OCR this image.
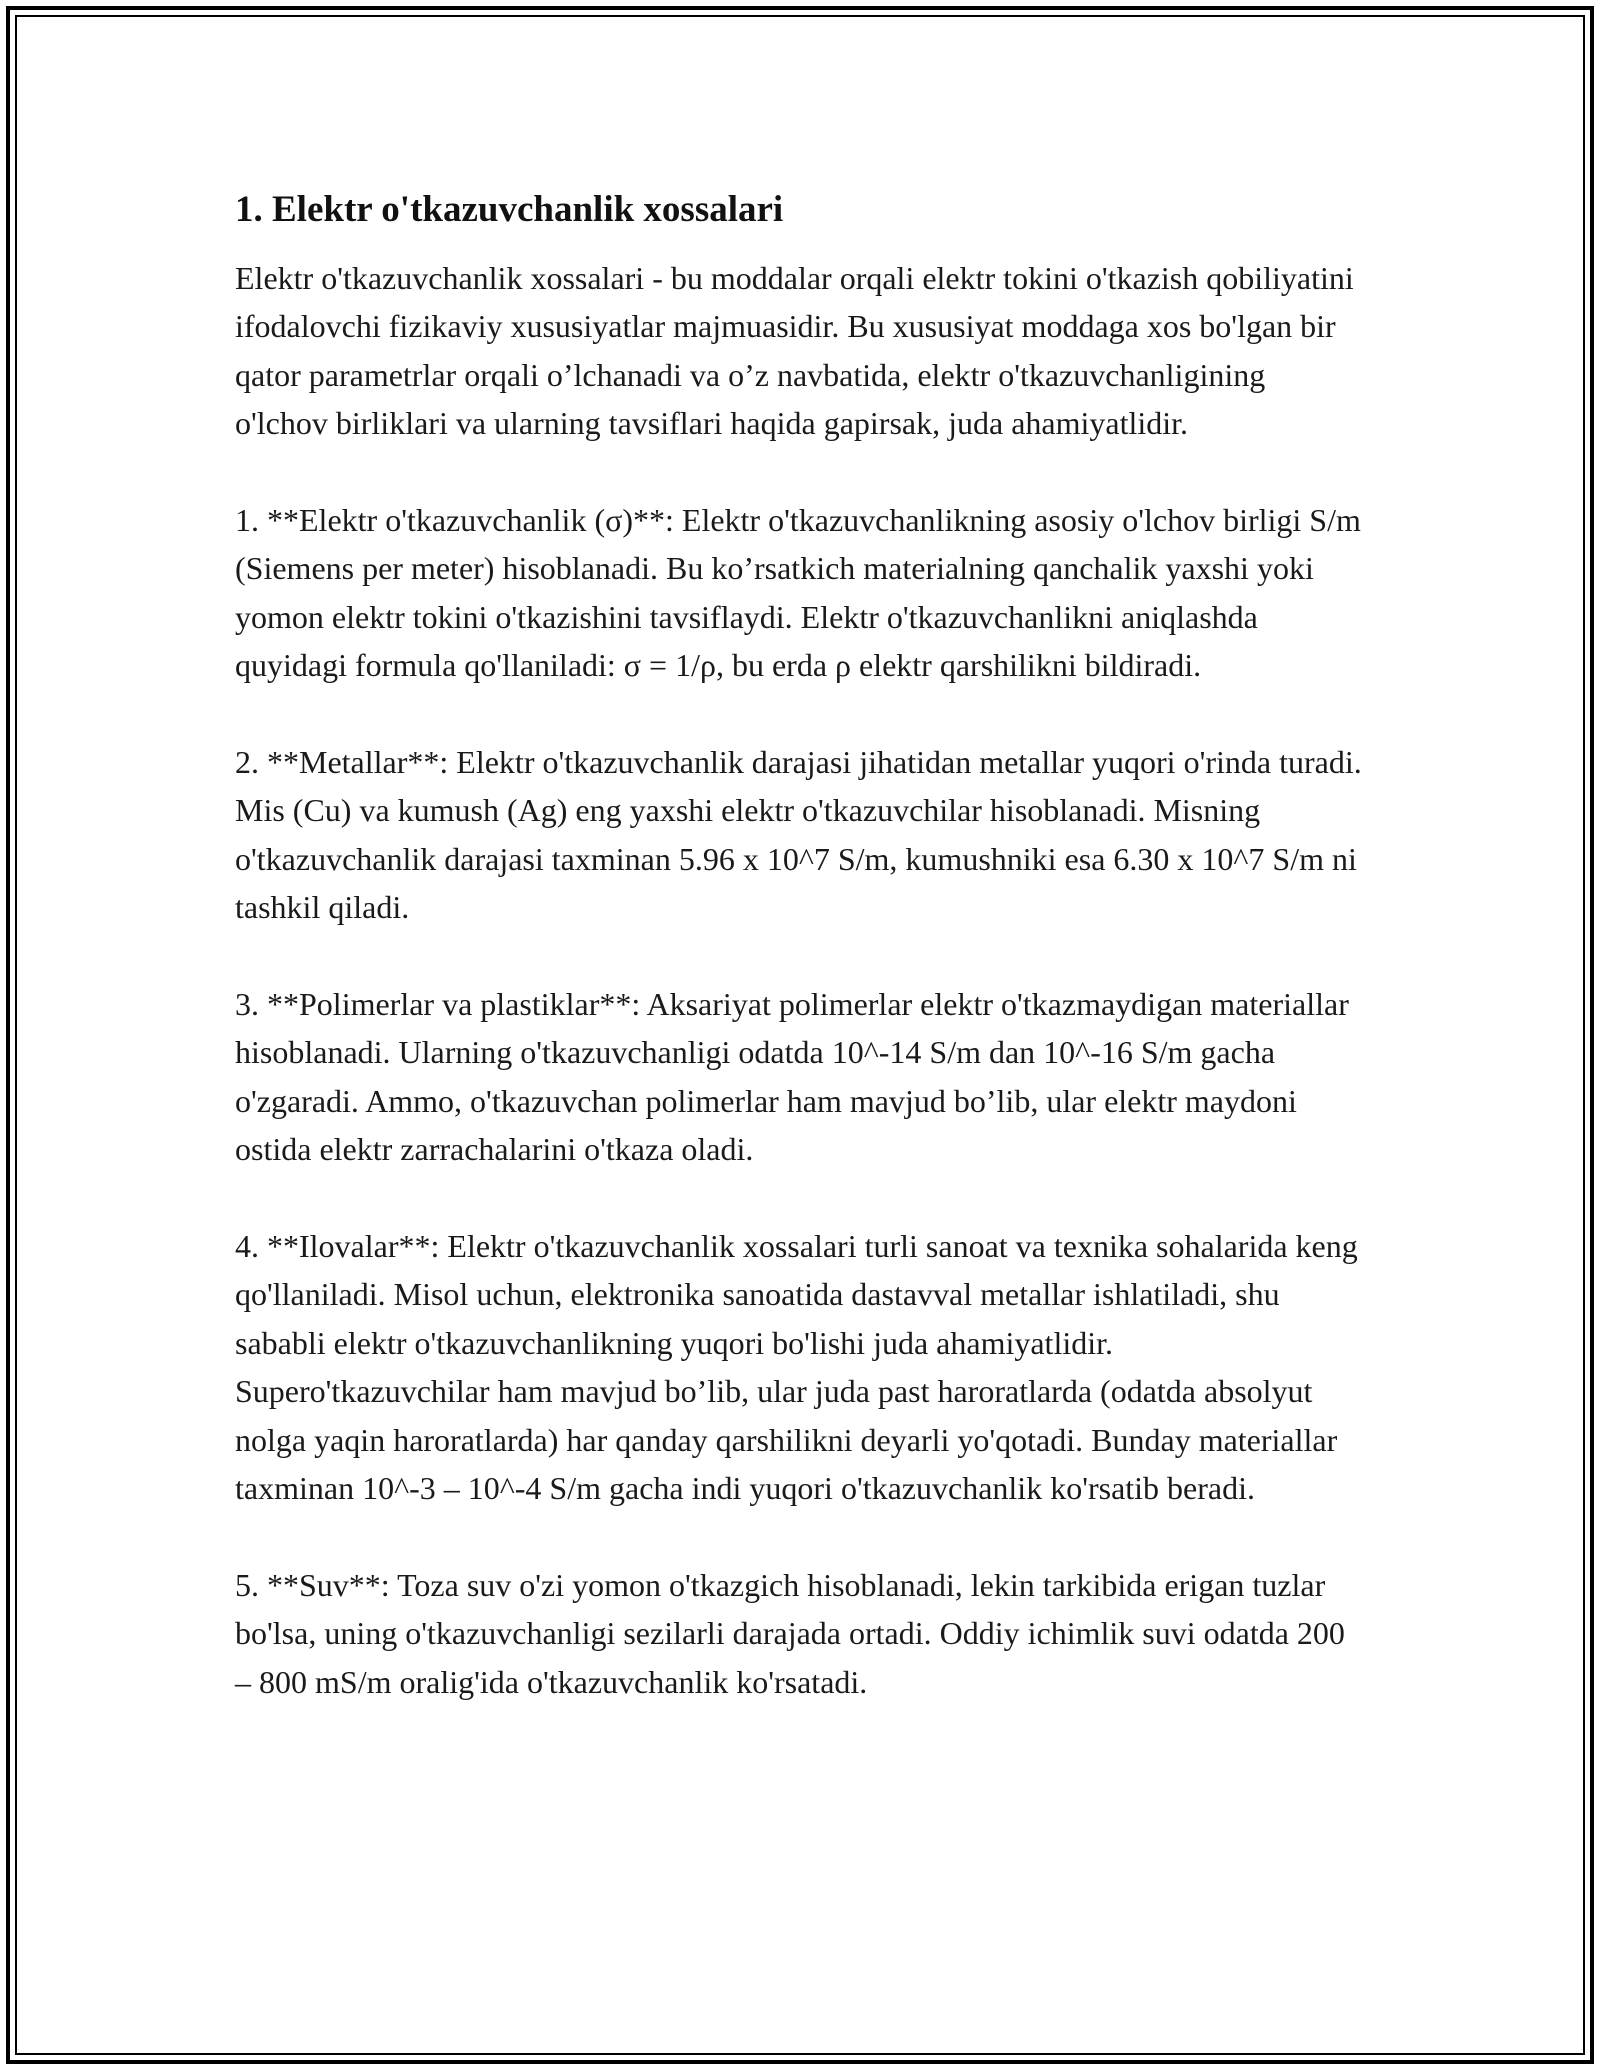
1. Elektr o'tkazuvchanlik xossalari

Elektr o'tkazuvchanlik xossalari - bu moddalar orqali elektr tokini o'tkazish qobiliyatini ifodalovchi fizikaviy xususiyatlar majmuasidir. Bu xususiyat moddaga xos bo'lgan bir qator parametrlar orqali o’lchanadi va o’z navbatida, elektr o'tkazuvchanligining o'lchov birliklari va ularning tavsiflari haqida gapirsak, juda ahamiyatlidir.

1. **Elektr o'tkazuvchanlik (σ)**: Elektr o'tkazuvchanlikning asosiy o'lchov birligi S/m (Siemens per meter) hisoblanadi. Bu ko’rsatkich materialning qanchalik yaxshi yoki yomon elektr tokini o'tkazishini tavsiflaydi. Elektr o'tkazuvchanlikni aniqlashda quyidagi formula qo'llaniladi: σ = 1/ρ, bu erda ρ elektr qarshilikni bildiradi.

2. **Metallar**: Elektr o'tkazuvchanlik darajasi jihatidan metallar yuqori o'rinda turadi. Mis (Cu) va kumush (Ag) eng yaxshi elektr o'tkazuvchilar hisoblanadi. Misning o'tkazuvchanlik darajasi taxminan 5.96 x 10^7 S/m, kumushniki esa 6.30 x 10^7 S/m ni tashkil qiladi.

3. **Polimerlar va plastiklar**: Aksariyat polimerlar elektr o'tkazmaydigan materiallar hisoblanadi. Ularning o'tkazuvchanligi odatda 10^-14 S/m dan 10^-16 S/m gacha o'zgaradi. Ammo, o'tkazuvchan polimerlar ham mavjud bo’lib, ular elektr maydoni ostida elektr zarrachalarini o'tkaza oladi.

4. **Ilovalar**: Elektr o'tkazuvchanlik xossalari turli sanoat va texnika sohalarida keng qo'llaniladi. Misol uchun, elektronika sanoatida dastavval metallar ishlatiladi, shu sababli elektr o'tkazuvchanlikning yuqori bo'lishi juda ahamiyatlidir. Supero'tkazuvchilar ham mavjud bo’lib, ular juda past haroratlarda (odatda absolyut nolga yaqin haroratlarda) har qanday qarshilikni deyarli yo'qotadi. Bunday materiallar taxminan 10^-3 – 10^-4 S/m gacha indi yuqori o'tkazuvchanlik ko'rsatib beradi.

5. **Suv**: Toza suv o'zi yomon o'tkazgich hisoblanadi, lekin tarkibida erigan tuzlar bo'lsa, uning o'tkazuvchanligi sezilarli darajada ortadi. Oddiy ichimlik suvi odatda 200 – 800 mS/m oralig'ida o'tkazuvchanlik ko'rsatadi.
